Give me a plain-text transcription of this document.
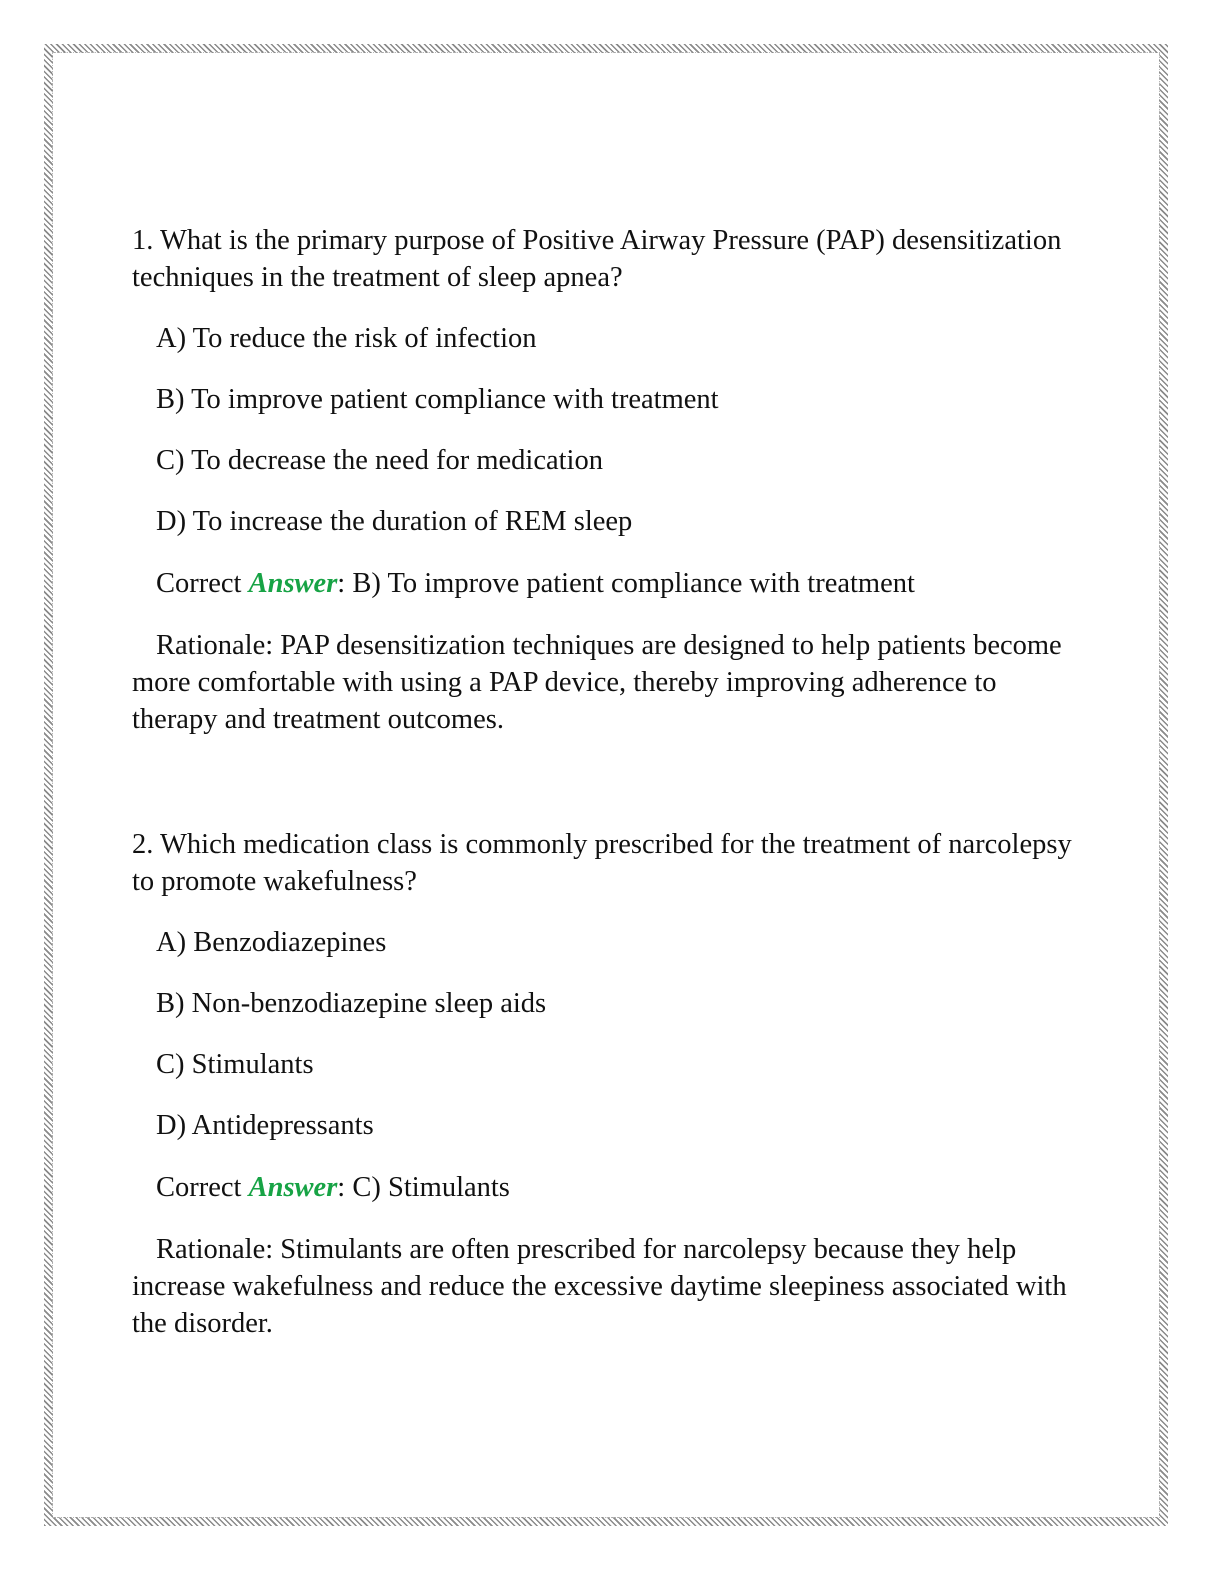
1. What is the primary purpose of Positive Airway Pressure (PAP) desensitization techniques in the treatment of sleep apnea?

A) To reduce the risk of infection

B) To improve patient compliance with treatment

C) To decrease the need for medication

D) To increase the duration of REM sleep

Correct Answer: B) To improve patient compliance with treatment

Rationale: PAP desensitization techniques are designed to help patients become more comfortable with using a PAP device, thereby improving adherence to therapy and treatment outcomes.

2. Which medication class is commonly prescribed for the treatment of narcolepsy to promote wakefulness?

A) Benzodiazepines

B) Non-benzodiazepine sleep aids

C) Stimulants

D) Antidepressants

Correct Answer: C) Stimulants

Rationale: Stimulants are often prescribed for narcolepsy because they help increase wakefulness and reduce the excessive daytime sleepiness associated with the disorder.
